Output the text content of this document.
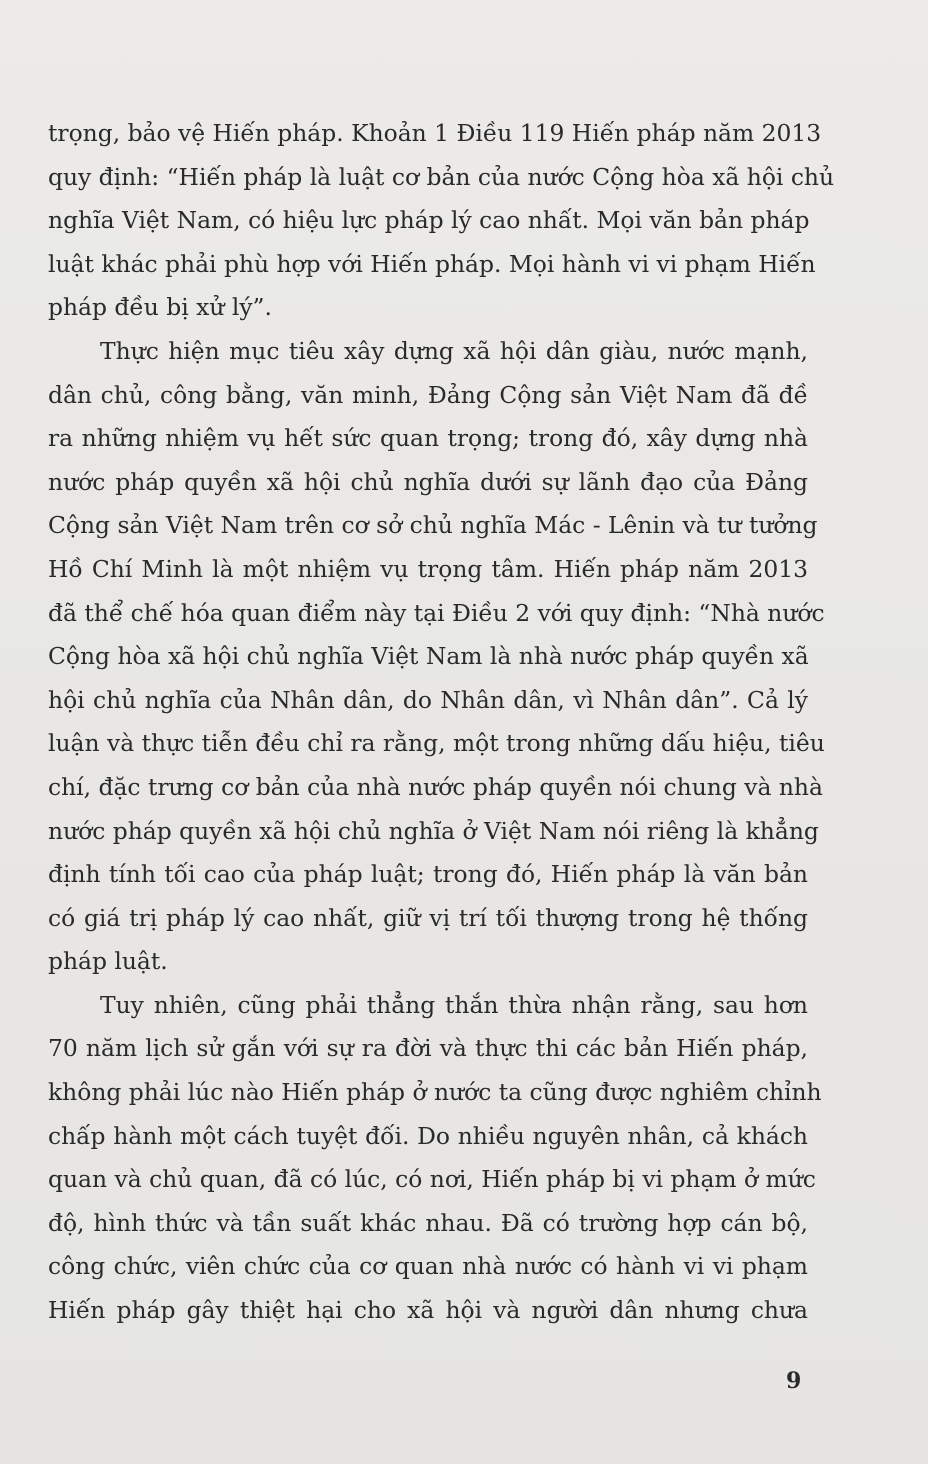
trọng, bảo vệ Hiến pháp. Khoản 1 Điều 119 Hiến pháp năm 2013
quy định: “Hiến pháp là luật cơ bản của nước Cộng hòa xã hội chủ
nghĩa Việt Nam, có hiệu lực pháp lý cao nhất. Mọi văn bản pháp
luật khác phải phù hợp với Hiến pháp. Mọi hành vi vi phạm Hiến
pháp đều bị xử lý”.
Thực hiện mục tiêu xây dựng xã hội dân giàu, nước mạnh,
dân chủ, công bằng, văn minh, Đảng Cộng sản Việt Nam đã đề
ra những nhiệm vụ hết sức quan trọng; trong đó, xây dựng nhà
nước pháp quyền xã hội chủ nghĩa dưới sự lãnh đạo của Đảng
Cộng sản Việt Nam trên cơ sở chủ nghĩa Mác - Lênin và tư tưởng
Hồ Chí Minh là một nhiệm vụ trọng tâm. Hiến pháp năm 2013
đã thể chế hóa quan điểm này tại Điều 2 với quy định: “Nhà nước
Cộng hòa xã hội chủ nghĩa Việt Nam là nhà nước pháp quyền xã
hội chủ nghĩa của Nhân dân, do Nhân dân, vì Nhân dân”. Cả lý
luận và thực tiễn đều chỉ ra rằng, một trong những dấu hiệu, tiêu
chí, đặc trưng cơ bản của nhà nước pháp quyền nói chung và nhà
nước pháp quyền xã hội chủ nghĩa ở Việt Nam nói riêng là khẳng
định tính tối cao của pháp luật; trong đó, Hiến pháp là văn bản
có giá trị pháp lý cao nhất, giữ vị trí tối thượng trong hệ thống
pháp luật.
Tuy nhiên, cũng phải thẳng thắn thừa nhận rằng, sau hơn
70 năm lịch sử gắn với sự ra đời và thực thi các bản Hiến pháp,
không phải lúc nào Hiến pháp ở nước ta cũng được nghiêm chỉnh
chấp hành một cách tuyệt đối. Do nhiều nguyên nhân, cả khách
quan và chủ quan, đã có lúc, có nơi, Hiến pháp bị vi phạm ở mức
độ, hình thức và tần suất khác nhau. Đã có trường hợp cán bộ,
công chức, viên chức của cơ quan nhà nước có hành vi vi phạm
Hiến pháp gây thiệt hại cho xã hội và người dân nhưng chưa
9
